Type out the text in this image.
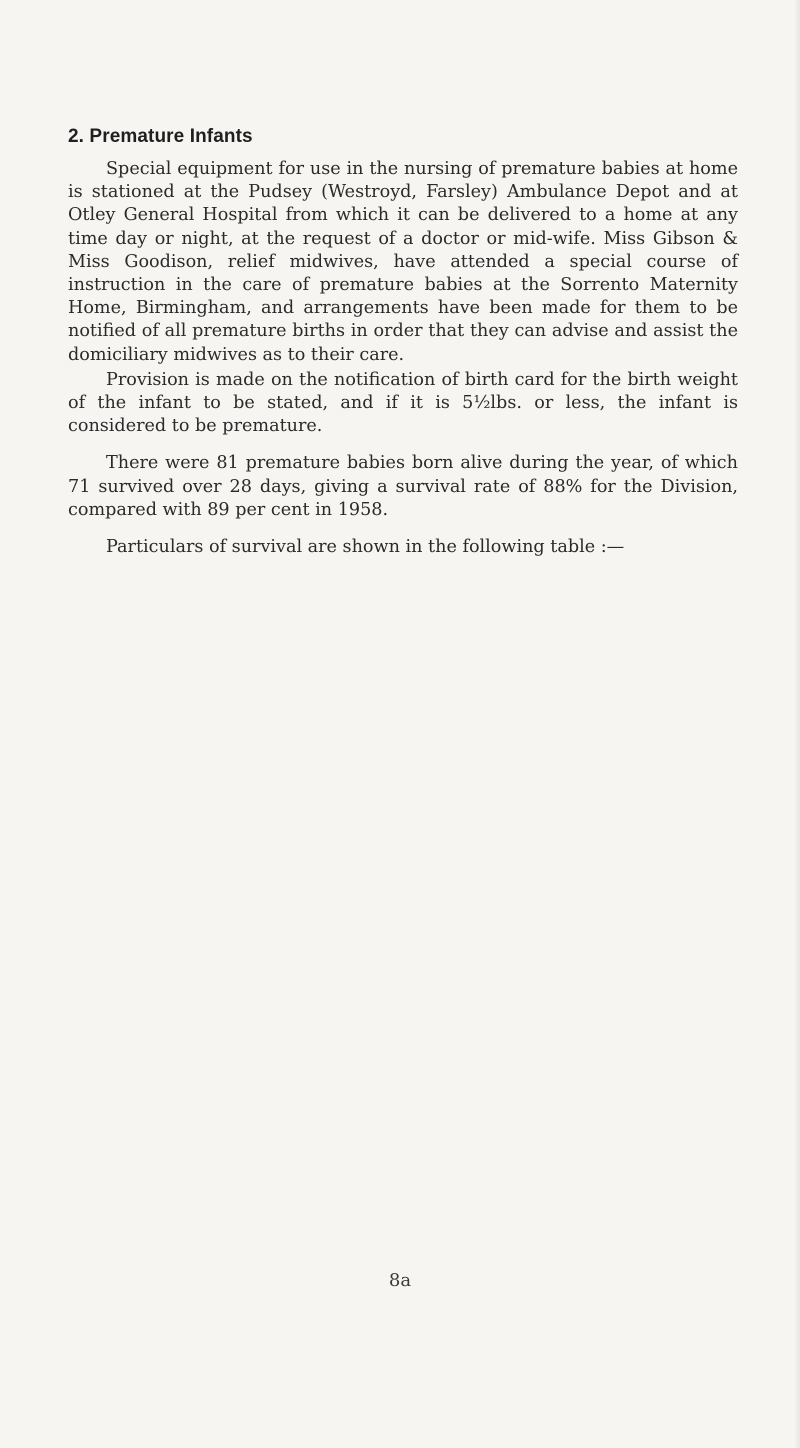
2. Premature Infants

Special equipment for use in the nursing of premature babies at home is stationed at the Pudsey (Westroyd, Farsley) Ambulance Depot and at Otley General Hospital from which it can be delivered to a home at any time day or night, at the request of a doctor or mid-wife. Miss Gibson & Miss Goodison, relief midwives, have attended a special course of instruction in the care of premature babies at the Sorrento Maternity Home, Birmingham, and arrangements have been made for them to be notified of all premature births in order that they can advise and assist the domiciliary midwives as to their care.

Provision is made on the notification of birth card for the birth weight of the infant to be stated, and if it is 5½lbs. or less, the infant is considered to be premature.

There were 81 premature babies born alive during the year, of which 71 survived over 28 days, giving a survival rate of 88% for the Division, compared with 89 per cent in 1958.

Particulars of survival are shown in the following table :—

8a
